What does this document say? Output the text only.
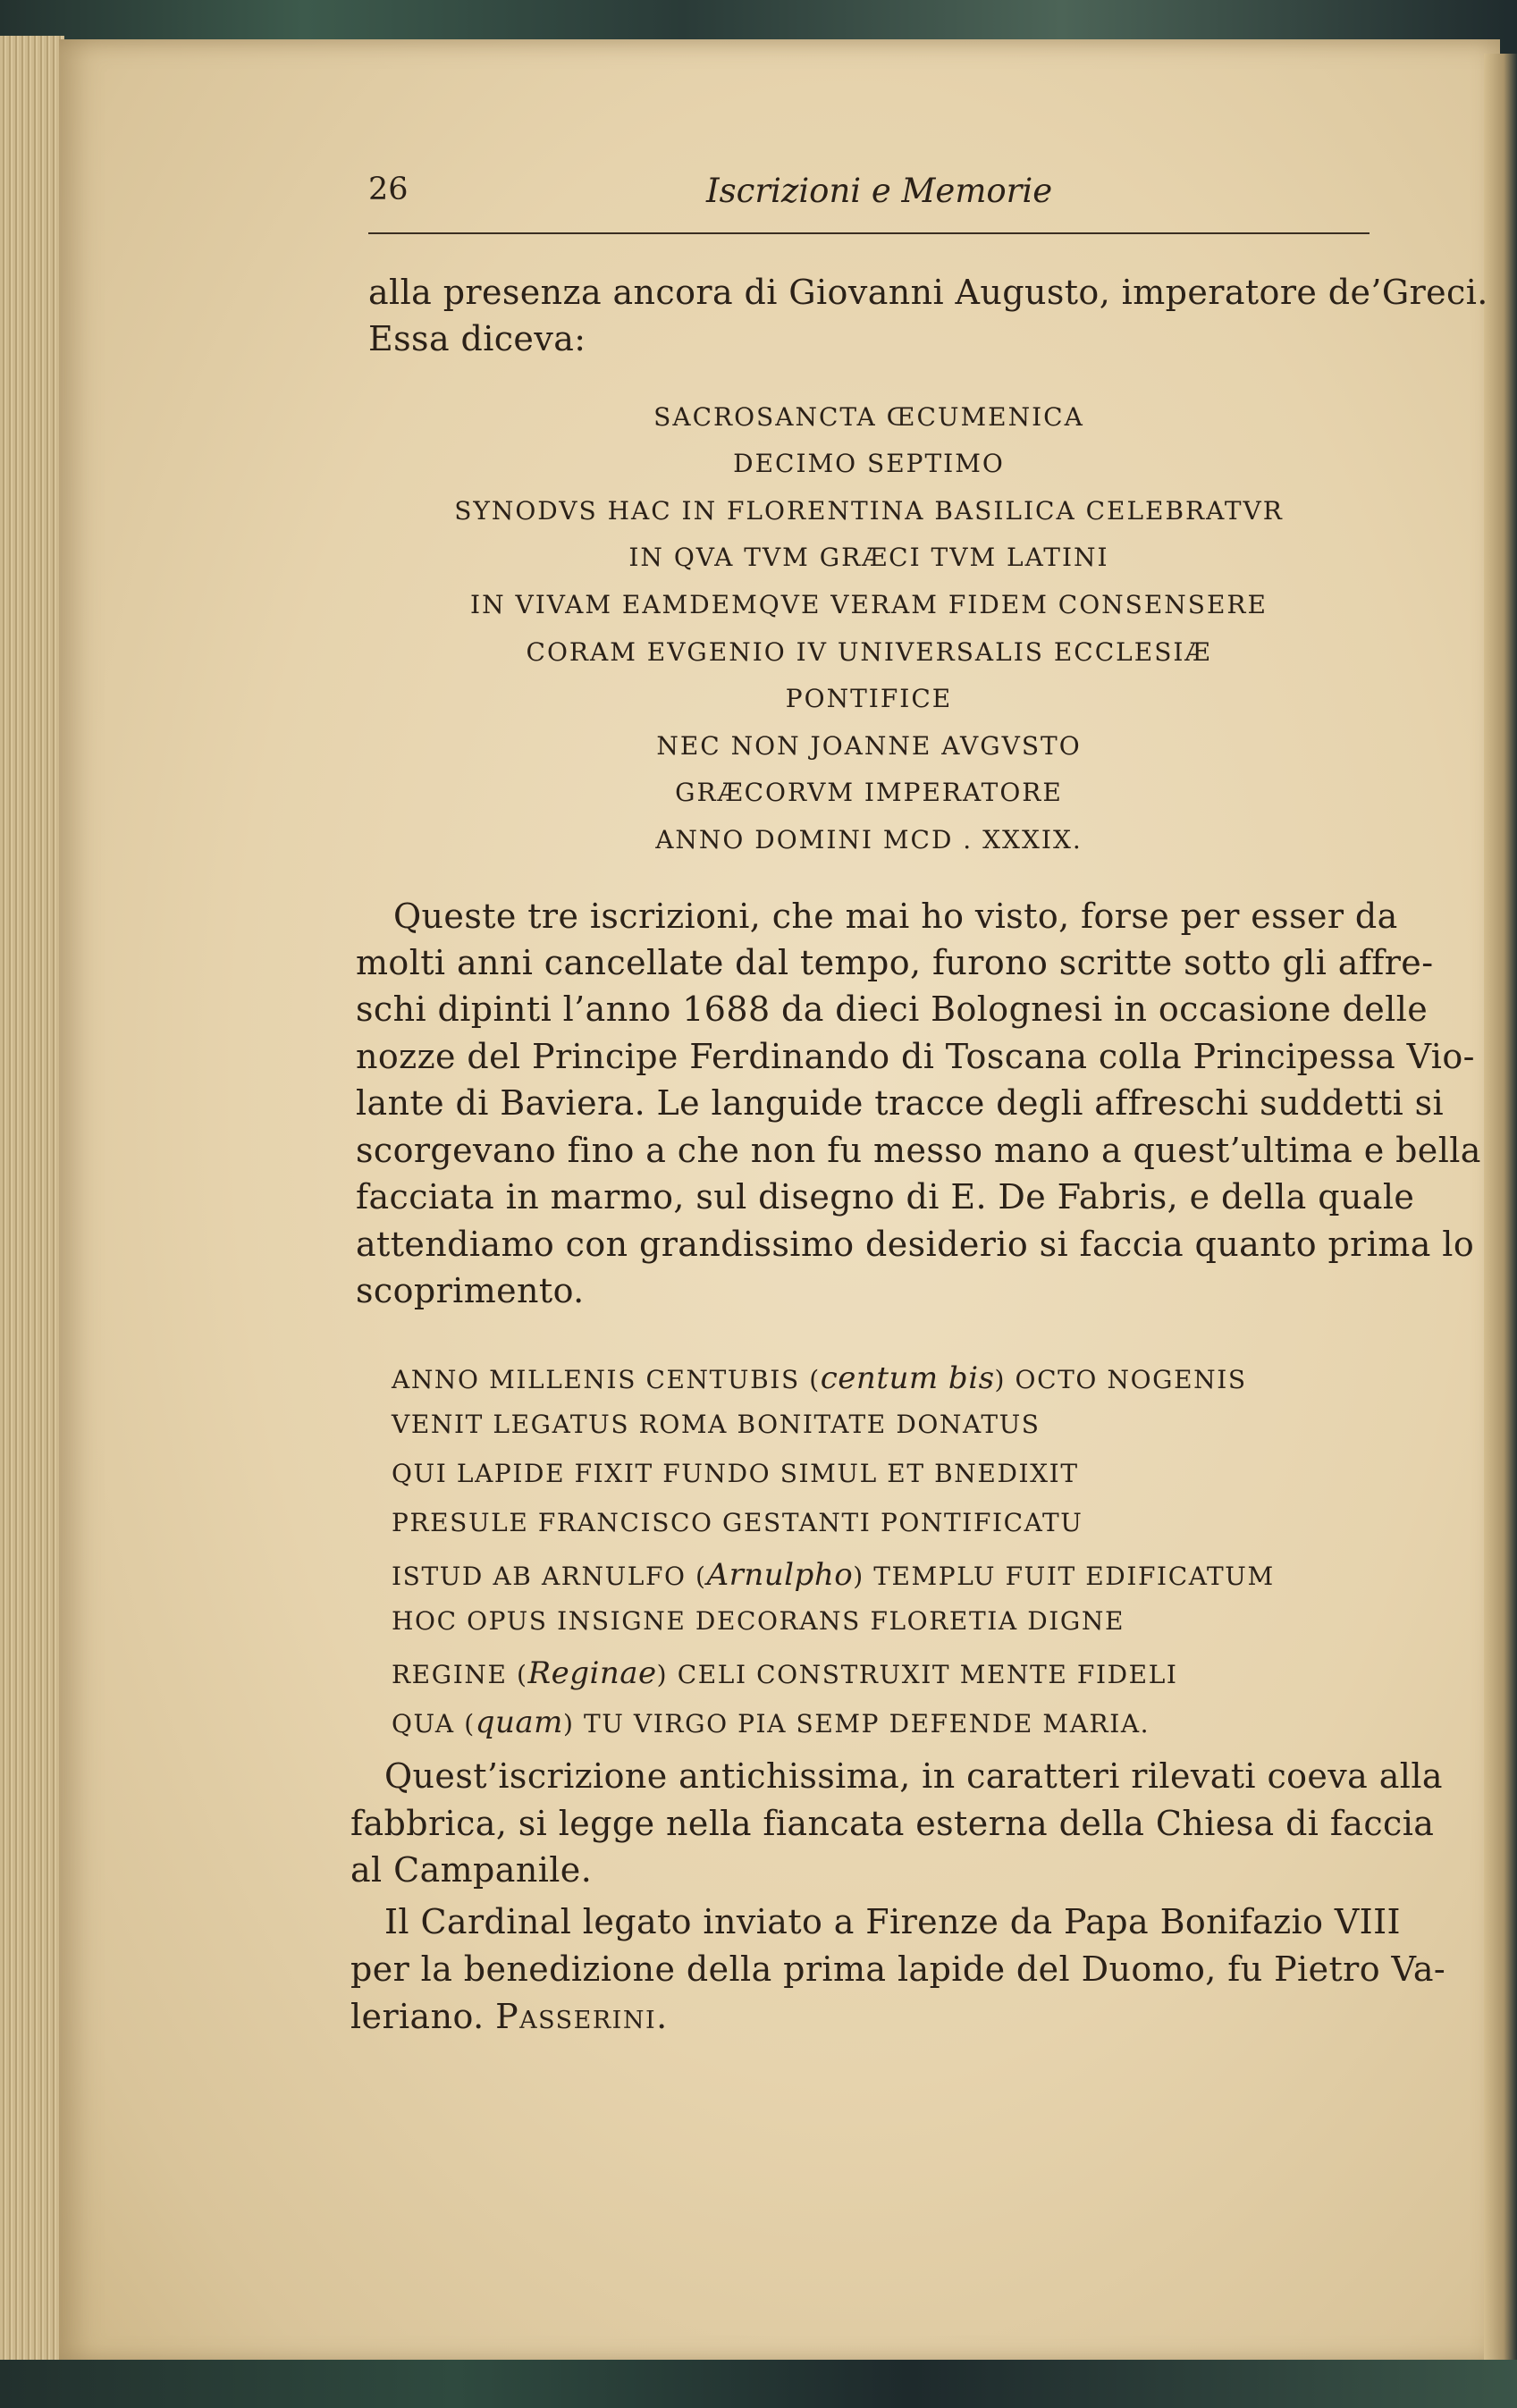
26	Iscrizioni e Memorie
alla presenza ancora di Giovanni Augusto, imperatore de’Greci.
Essa diceva:
SACROSANCTA ŒCUMENICA
DECIMO SEPTIMO
SYNODVS HAC IN FLORENTINA BASILICA CELEBRATVR
IN QVA TVM GRÆCI TVM LATINI
IN VIVAM EAMDEMQVE VERAM FIDEM CONSENSERE
CORAM EVGENIO IV UNIVERSALIS ECCLESIÆ
PONTIFICE
NEC NON JOANNE AVGVSTO
GRÆCORVM IMPERATORE
ANNO DOMINI MCD . XXXIX.
Queste tre iscrizioni, che mai ho visto, forse per esser da
molti anni cancellate dal tempo, furono scritte sotto gli affre-
schi dipinti l’anno 1688 da dieci Bolognesi in occasione delle
nozze del Principe Ferdinando di Toscana colla Principessa Vio-
lante di Baviera. Le languide tracce degli affreschi suddetti si
scorgevano fino a che non fu messo mano a quest’ultima e bella
facciata in marmo, sul disegno di E. De Fabris, e della quale
attendiamo con grandissimo desiderio si faccia quanto prima lo
scoprimento.
ANNO MILLENIS CENTUBIS (centum bis) OCTO NOGENIS
VENIT LEGATUS ROMA BONITATE DONATUS
QUI LAPIDE FIXIT FUNDO SIMUL ET BNEDIXIT
PRESULE FRANCISCO GESTANTI PONTIFICATU
ISTUD AB ARNULFO (Arnulpho) TEMPLU FUIT EDIFICATUM
HOC OPUS INSIGNE DECORANS FLORETIA DIGNE
REGINE (Reginae) CELI CONSTRUXIT MENTE FIDELI
QUA (quam) TU VIRGO PIA SEMP DEFENDE MARIA.
Quest’iscrizione antichissima, in caratteri rilevati coeva alla
fabbrica, si legge nella fiancata esterna della Chiesa di faccia
al Campanile.
Il Cardinal legato inviato a Firenze da Papa Bonifazio VIII
per la benedizione della prima lapide del Duomo, fu Pietro Va-
leriano. Passerini.
